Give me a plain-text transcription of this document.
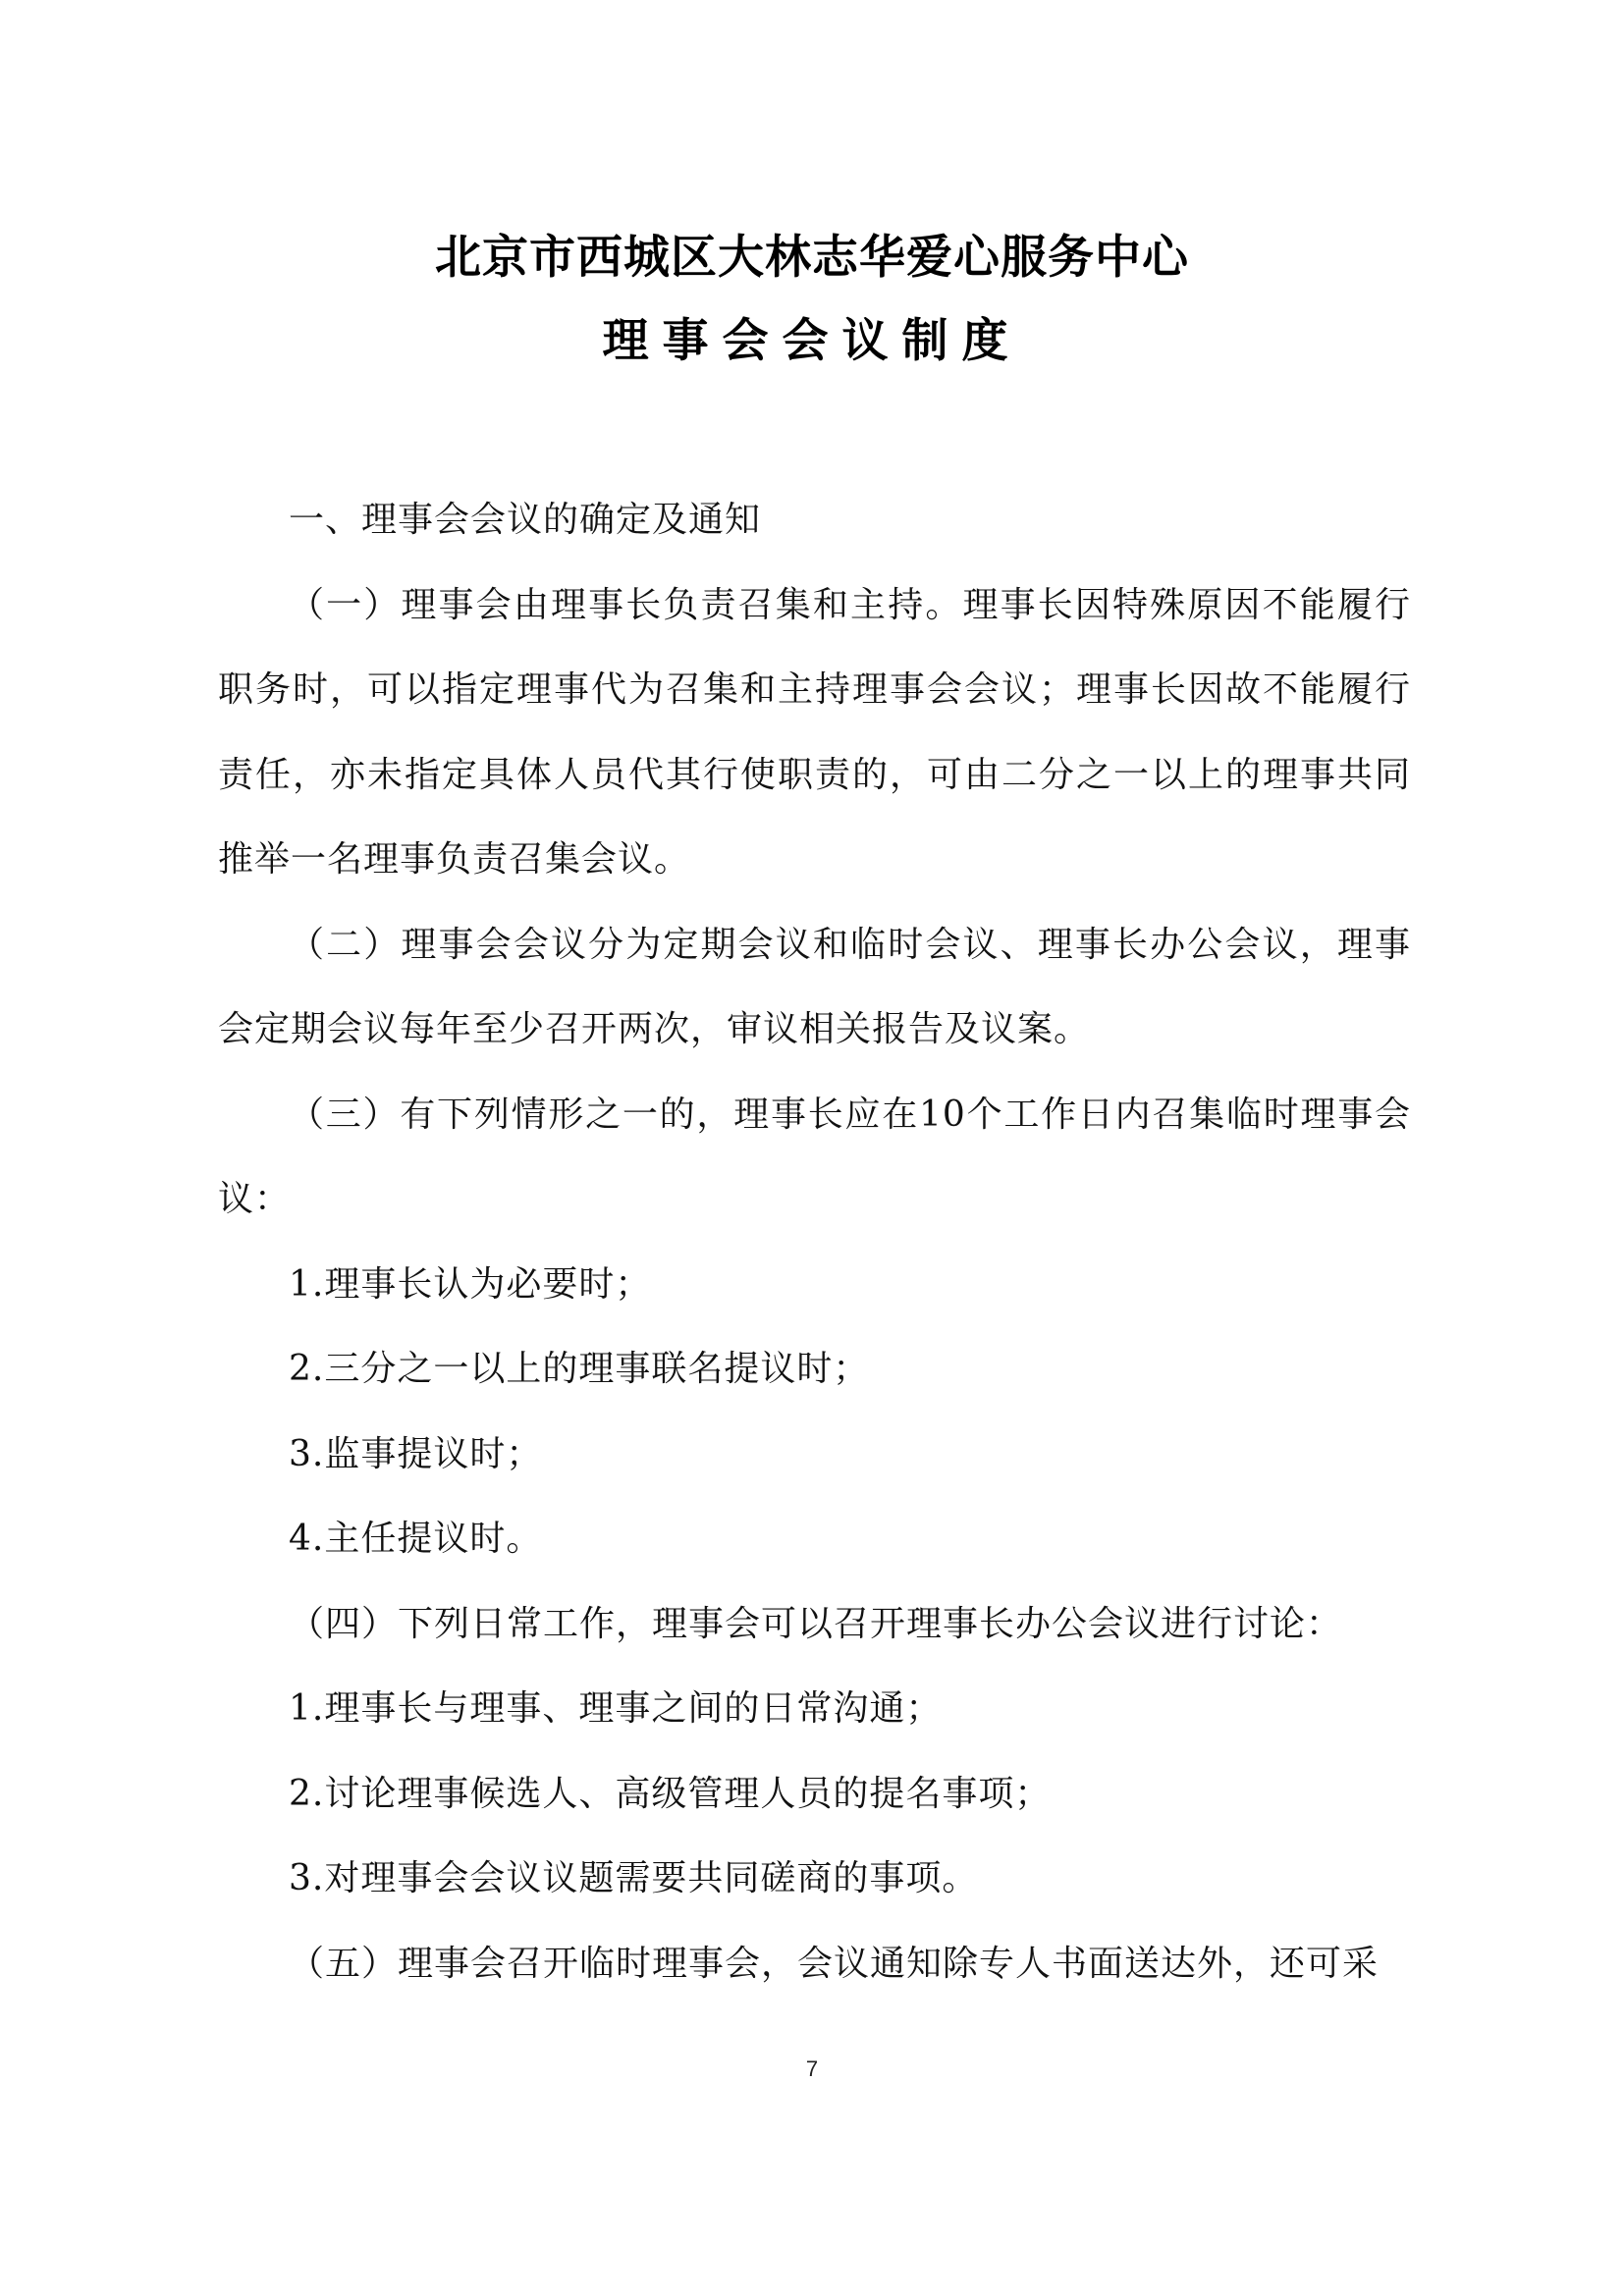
北京市西城区大林志华爱心服务中心
理事会会议制度

一、理事会会议的确定及通知

（一）理事会由理事长负责召集和主持。理事长因特殊原因不能履行职务时，可以指定理事代为召集和主持理事会会议；理事长因故不能履行责任，亦未指定具体人员代其行使职责的，可由二分之一以上的理事共同推举一名理事负责召集会议。

（二）理事会会议分为定期会议和临时会议、理事长办公会议，理事会定期会议每年至少召开两次，审议相关报告及议案。

（三）有下列情形之一的，理事长应在10个工作日内召集临时理事会议：

1.理事长认为必要时；

2.三分之一以上的理事联名提议时；

3.监事提议时；

4.主任提议时。

（四）下列日常工作，理事会可以召开理事长办公会议进行讨论：

1.理事长与理事、理事之间的日常沟通；

2.讨论理事候选人、高级管理人员的提名事项；

3.对理事会会议议题需要共同磋商的事项。

（五）理事会召开临时理事会，会议通知除专人书面送达外，还可采

7
